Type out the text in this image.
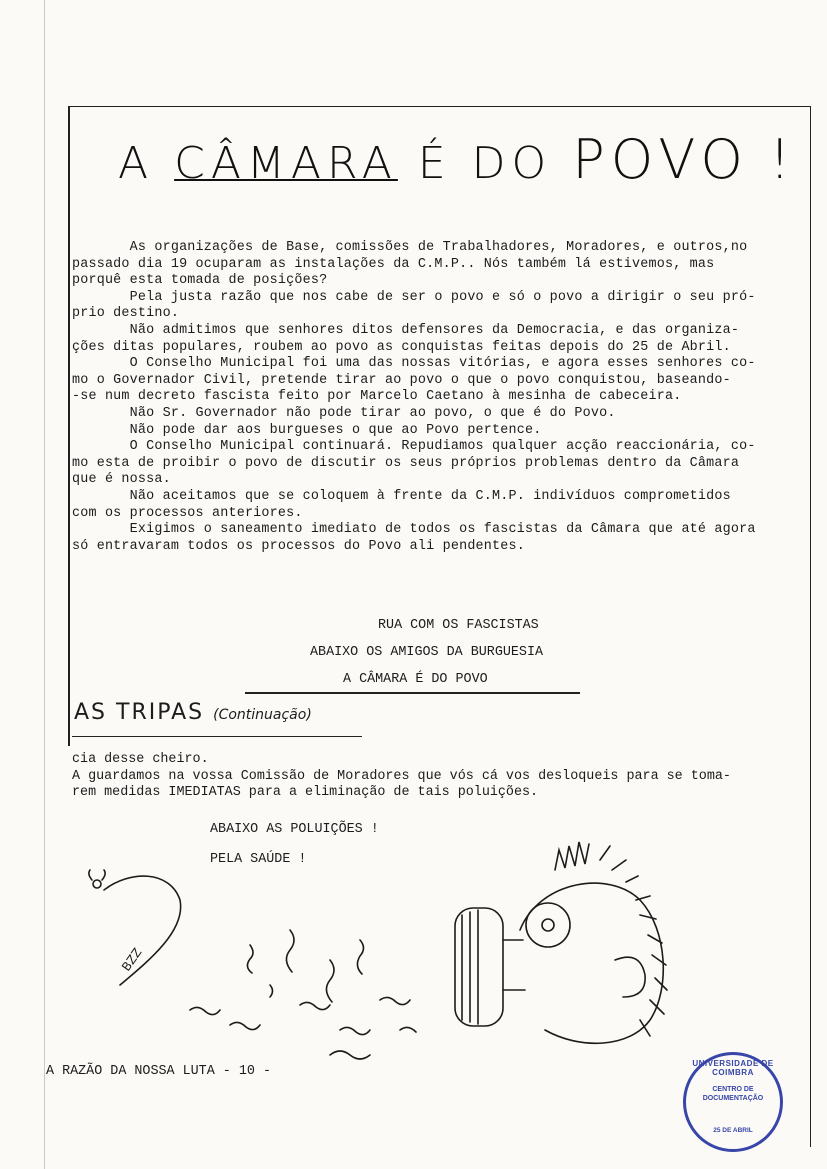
A CÂMARA É DO POVO !

As organizações de Base, comissões de Trabalhadores, Moradores, e outros,no

passado dia 19 ocuparam as instalações da C.M.P.. Nós também lá estivemos, mas

porquê esta tomada de posições?

Pela justa razão que nos cabe de ser o povo e só o povo a dirigir o seu pró-

prio destino.

Não admitimos que senhores ditos defensores da Democracia, e das organiza-

ções ditas populares, roubem ao povo as conquistas feitas depois do 25 de Abril.

O Conselho Municipal foi uma das nossas vitórias, e agora esses senhores co-

mo o Governador Civil, pretende tirar ao povo o que o povo conquistou, baseando-

-se num decreto fascista feito por Marcelo Caetano à mesinha de cabeceira.

Não Sr. Governador não pode tirar ao povo, o que é do Povo.

Não pode dar aos burgueses o que ao Povo pertence.

O Conselho Municipal continuará. Repudiamos qualquer acção reaccionária, co-

mo esta de proibir o povo de discutir os seus próprios problemas dentro da Câmara

que é nossa.

Não aceitamos que se coloquem à frente da C.M.P. indivíduos comprometidos

com os processos anteriores.

Exigimos o saneamento imediato de todos os fascistas da Câmara que até agora

só entravaram todos os processos do Povo ali pendentes.

RUA COM OS FASCISTAS
ABAIXO OS AMIGOS DA BURGUESIA
A CÂMARA É DO POVO
AS TRIPAS (Continuação)

cia desse cheiro.

A guardamos na vossa Comissão de Moradores que vós cá vos desloqueis para se toma-

rem medidas IMEDIATAS para a eliminação de tais poluições.

ABAIXO AS POLUIÇÕES !
PELA SAÚDE !
BZZ
A RAZÃO DA NOSSA LUTA - 10 -
UNIVERSIDADE DE COIMBRA
CENTRO DE
DOCUMENTAÇÃO
25 DE ABRIL
